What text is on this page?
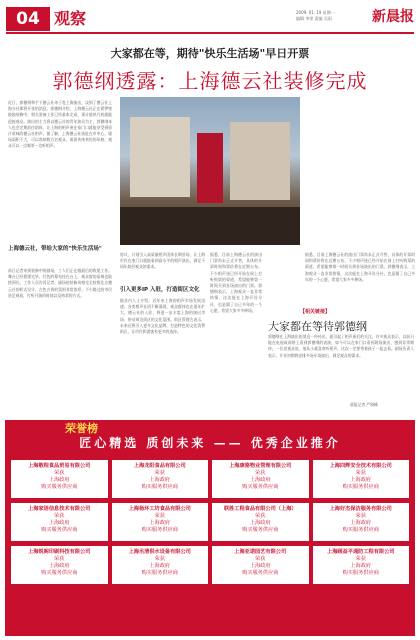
04 观察	2009. 01. 19 星期一
编辑 李荣 责编 吴雨	新晨报
大家都在等，期待"快乐生活场"早日开票
郭德纲透露：上海德云社装修完成
近日，郭德纲和手下德云社弟子赴上海演出，谈到了德云社上海分社即将开张的消息。郭德纲介绍，上海德云社正在紧锣密鼓地装修中，相关准备工作已经基本完成，预计最快月底就能迎接观众。演出的主力将以德云社的青年演员为主，郭德纲本人也会定期前往助阵，让上海的相声迷在家门口就能享受到原汁原味的德云社相声。据了解，上海德云社选址在市中心，剧场面积不大，可以容纳数百名观众，保留传统茶馆的风格，观众可以一边喝茶一边听相声。
上海德云社，带给大家的"快乐生活场"
前日记者来到装修中的剧场，工人们正在做最后的收尾工作。舞台已经搭建完毕，红色的幕布挂在台上，观众席的桌椅也陆续到位。工作人员告诉记者，剧场的装修风格完全按照北京德云社的样式设计，古色古香的氛围非常浓厚。不少路过的市民驻足观看，打听开演的时间以及购票的方式。
协议，计划引入高质量相声团体长期驻场，让上海市民在家门口就能看到高水平的相声演出，满足不同年龄层观众的需求。
引入更多IP 入驻，打造街区文化
据业内人士介绍，近年来上海的相声市场发展迅速，各类相声社团不断涌现，观众群体也在逐年扩大。德云社的入驻，将进一步丰富上海的演出市场，带动周边街区的文化氛围。街区管理方表示，未来还将引入更多文化品牌，打造特色的文化消费街区，让市民和游客有更多的选择。
据悉，目前上海德云社的演出门票尚未正式开售，具体的开票时间和票价将在近期公布。不少相声迷已经开始在网上打听购票的渠道，希望能够第一时间买到首场演出的门票。郭德纲表示，上海观众一直非常热情，这次能在上海开设分社，也是圆了自己多年的一个心愿，希望大家多多捧场。
据悉，目前上海德云社的演出门票尚未正式开售，具体的开票时间和票价将在近期公布。不少相声迷已经开始在网上打听购票的渠道，希望能够第一时间买到首场演出的门票。郭德纲表示，上海观众一直非常热情，这次能在上海开设分社，也是圆了自己多年的一个心愿，希望大家多多捧场。
【相关链接】
大家都在等待郭德纲
郭德纲在上海演出的消息一经传出，就引起了相声迷们的关注。许多观众表示，以前只能在电视或网络上看到郭德纲的表演，如今可以在家门口看到现场演出，感到非常期待。一位老观众说，他从小就喜欢听相声，这次一定要带着孩子一起去看。剧场负责人表示，开业初期将安排多场专场演出，满足观众的需求。
晨报记者 严晓峰
荣誉榜
匠心精选 质创未来 —— 优秀企业推介
上海敬程食品贸易有限公司
荣获
上海政府
购买服务供应商
上海龙阳食品有限公司
荣获
上海政府
购买服务供应商
上海康骆物业管理有限公司
荣获
上海政府
购买服务供应商
上海四辉安全技术有限公司
荣获
上海政府
购买服务供应商
上海家语信息技术有限公司
荣获
上海政府
购买服务供应商
上海杨环工坊食品有限公司
荣获
上海政府
购买服务供应商
联胜工程食品有限公司（上海）
荣获
上海政府
购买服务供应商
上海好杰保洁服务有限公司
荣获
上海政府
购买服务供应商
上海锐阁印刷科技有限公司
荣获
上海政府
购买服务供应商
上海丞清供水设备有限公司
荣获
上海政府
购买服务供应商
上海亚诺园艺有限公司
荣获
上海政府
购买服务供应商
上海顾益平通防工程有限公司
荣获
上海政府
购买服务供应商
